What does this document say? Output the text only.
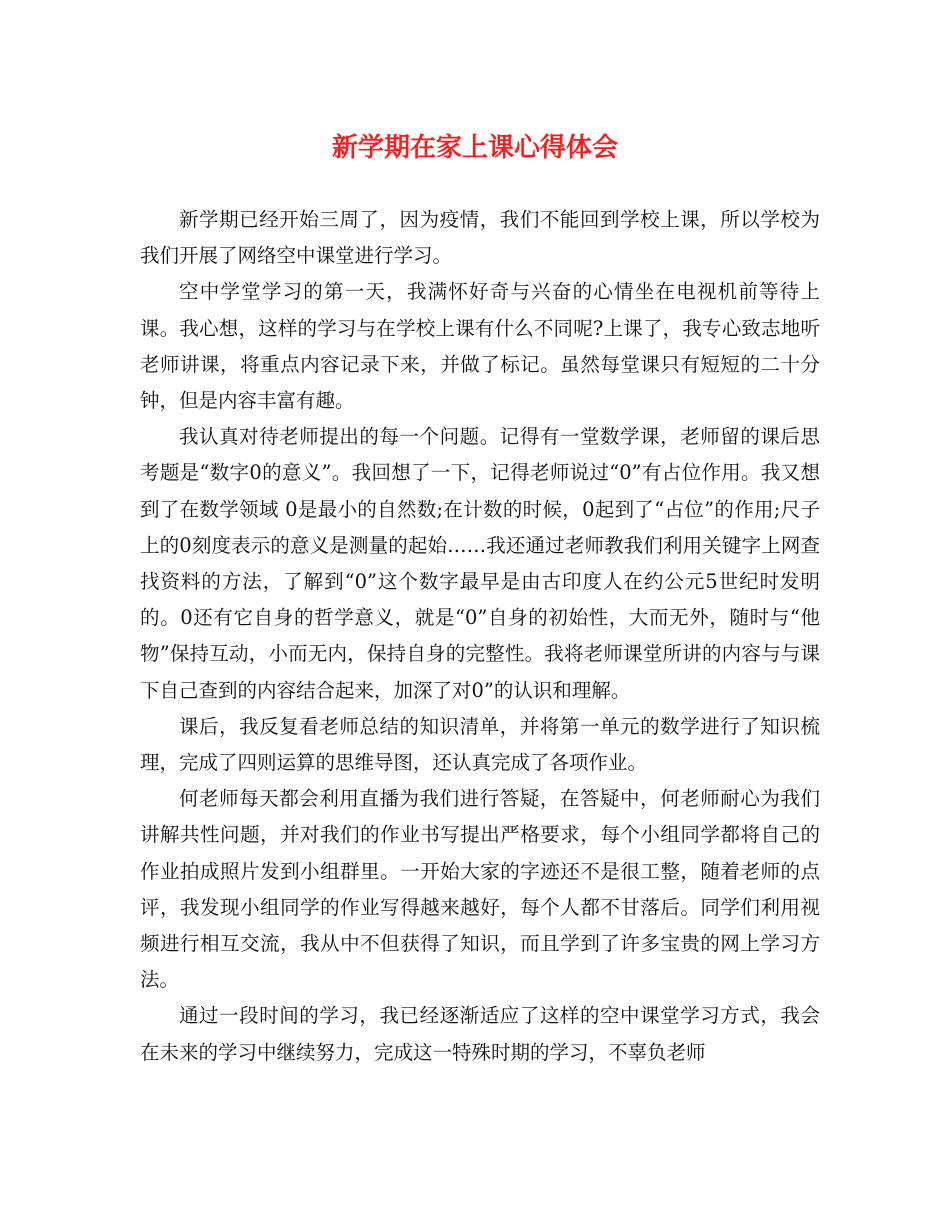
新学期在家上课心得体会

新学期已经开始三周了，因为疫情，我们不能回到学校上课，所以学校为我们开展了网络空中课堂进行学习。

空中学堂学习的第一天，我满怀好奇与兴奋的心情坐在电视机前等待上课。我心想，这样的学习与在学校上课有什么不同呢?上课了，我专心致志地听老师讲课，将重点内容记录下来，并做了标记。虽然每堂课只有短短的二十分钟，但是内容丰富有趣。

我认真对待老师提出的每一个问题。记得有一堂数学课，老师留的课后思考题是“数字0的意义”。我回想了一下，记得老师说过“0”有占位作用。我又想到了在数学领域 0是最小的自然数;在计数的时候，0起到了“占位”的作用;尺子上的0刻度表示的意义是测量的起始……我还通过老师教我们利用关键字上网查找资料的方法，了解到“0”这个数字最早是由古印度人在约公元5世纪时发明的。0还有它自身的哲学意义，就是“0”自身的初始性，大而无外，随时与“他物”保持互动，小而无内，保持自身的完整性。我将老师课堂所讲的内容与与课下自己查到的内容结合起来，加深了对0”的认识和理解。

课后，我反复看老师总结的知识清单，并将第一单元的数学进行了知识梳理，完成了四则运算的思维导图，还认真完成了各项作业。

何老师每天都会利用直播为我们进行答疑，在答疑中，何老师耐心为我们讲解共性问题，并对我们的作业书写提出严格要求，每个小组同学都将自己的作业拍成照片发到小组群里。一开始大家的字迹还不是很工整，随着老师的点评，我发现小组同学的作业写得越来越好，每个人都不甘落后。同学们利用视频进行相互交流，我从中不但获得了知识，而且学到了许多宝贵的网上学习方法。

通过一段时间的学习，我已经逐渐适应了这样的空中课堂学习方式，我会在未来的学习中继续努力，完成这一特殊时期的学习，不辜负老师
